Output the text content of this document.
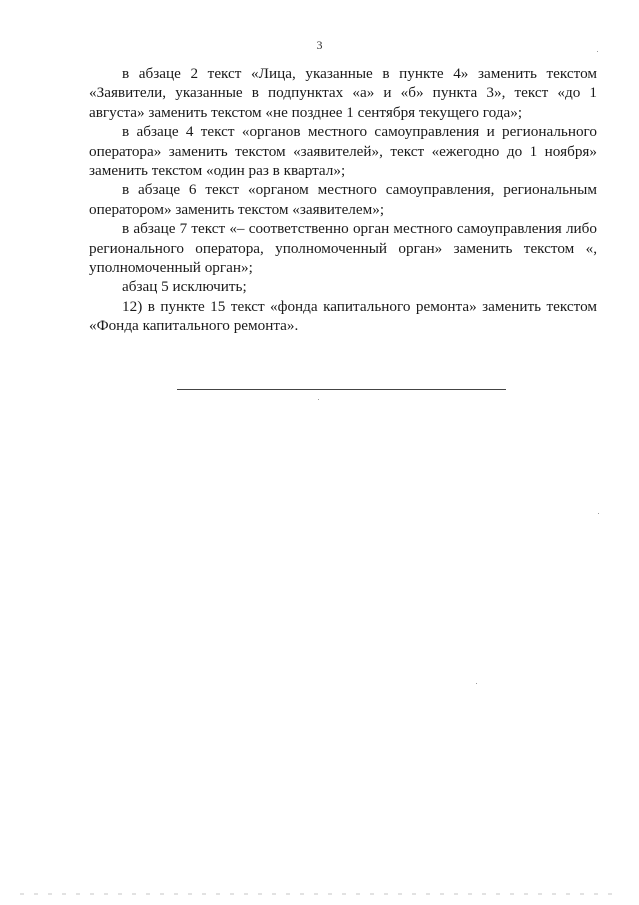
3

в абзаце 2 текст «Лица, указанные в пункте 4» заменить текстом «Заявители, указанные в подпунктах «а» и «б» пункта 3», текст «до 1 августа» заменить текстом «не позднее 1 сентября текущего года»;

в абзаце 4 текст «органов местного самоуправления и регионального оператора» заменить текстом «заявителей», текст «ежегодно до 1 ноября» заменить текстом «один раз в квартал»;

в абзаце 6 текст «органом местного самоуправления, региональным оператором» заменить текстом «заявителем»;

в абзаце 7 текст «– соответственно орган местного самоуправления либо регионального оператора, уполномоченный орган» заменить текстом «, уполномоченный орган»;

абзац 5 исключить;

12) в пункте 15 текст «фонда капитального ремонта» заменить текстом «Фонда капитального ремонта».
